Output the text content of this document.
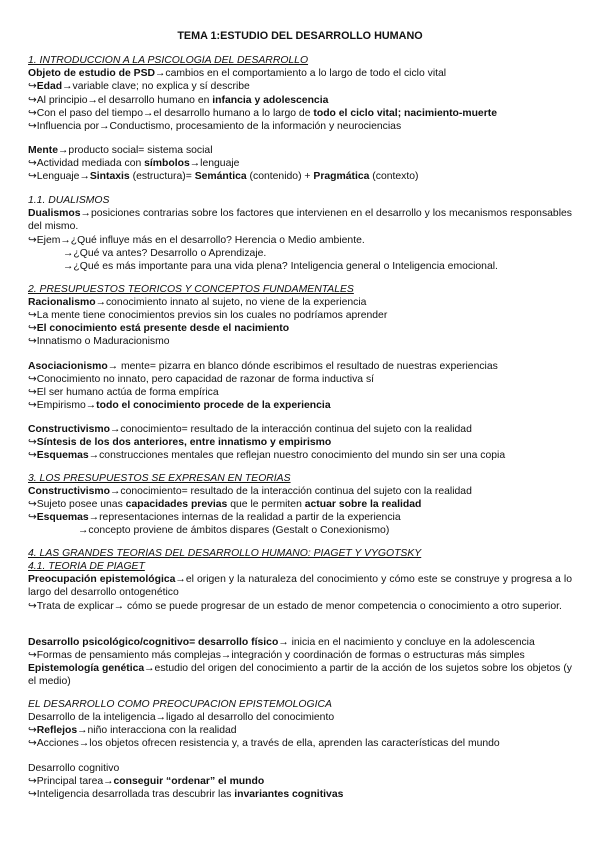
TEMA 1:ESTUDIO DEL DESARROLLO HUMANO
1. INTRODUCCIÓN A LA PSICOLOGÍA DEL DESARROLLO
Objeto de estudio de PSD→cambios en el comportamiento a lo largo de todo el ciclo vital
↪Edad→variable clave; no explica y sí describe
↪Al principio→el desarrollo humano en infancia y adolescencia
↪Con el paso del tiempo→el desarrollo humano a lo largo de todo el ciclo vital; nacimiento-muerte
↪Influencia por→Conductismo, procesamiento de la información y neurociencias
Mente→producto social= sistema social
↪Actividad mediada con símbolos→lenguaje
↪Lenguaje→Sintaxis (estructura)= Semántica (contenido) + Pragmática (contexto)
1.1. DUALISMOS
Dualismos→posiciones contrarias sobre los factores que intervienen en el desarrollo y los mecanismos responsables del mismo.
↪Ejem→¿Qué influye más en el desarrollo? Herencia o Medio ambiente.
→¿Qué va antes? Desarrollo o Aprendizaje.
→¿Qué es más importante para una vida plena? Inteligencia general o Inteligencia emocional.
2. PRESUPUESTOS TEÓRICOS Y CONCEPTOS FUNDAMENTALES
Racionalismo→conocimiento innato al sujeto, no viene de la experiencia
↪La mente tiene conocimientos previos sin los cuales no podríamos aprender
↪El conocimiento está presente desde el nacimiento
↪Innatismo o Maduracionismo
Asociacionismo→ mente= pizarra en blanco dónde escribimos el resultado de nuestras experiencias
↪Conocimiento no innato, pero capacidad de razonar de forma inductiva sí
↪El ser humano actúa de forma empírica
↪Empirismo→todo el conocimiento procede de la experiencia
Constructivismo→conocimiento= resultado de la interacción continua del sujeto con la realidad
↪Síntesis de los dos anteriores, entre innatismo y empirismo
↪Esquemas→construcciones mentales que reflejan nuestro conocimiento del mundo sin ser una copia
3. LOS PRESUPUESTOS SE EXPRESAN EN TEORÍAS
Constructivismo→conocimiento= resultado de la interacción continua del sujeto con la realidad
↪Sujeto posee unas capacidades previas que le permiten actuar sobre la realidad
↪Esquemas→representaciones internas de la realidad a partir de la experiencia
→concepto proviene de ámbitos dispares (Gestalt o Conexionismo)
4. LAS GRANDES TEORÍAS DEL DESARROLLO HUMANO: PIAGET Y VYGOTSKY
4.1. TEORÍA DE PIAGET
Preocupación epistemológica→el origen y la naturaleza del conocimiento y cómo este se construye y progresa a lo largo del desarrollo ontogenético
↪Trata de explicar→ cómo se puede progresar de un estado de menor competencia o conocimiento a otro superior.
Desarrollo psicológico/cognitivo= desarrollo físico→ inicia en el nacimiento y concluye en la adolescencia
↪Formas de pensamiento más complejas→integración y coordinación de formas o estructuras más simples
Epistemología genética→estudio del origen del conocimiento a partir de la acción de los sujetos sobre los objetos (y el medio)
EL DESARROLLO COMO PREOCUPACIÓN EPISTEMOLÓGICA
Desarrollo de la inteligencia→ligado al desarrollo del conocimiento
↪Reflejos→niño interacciona con la realidad
↪Acciones→los objetos ofrecen resistencia y, a través de ella, aprenden las características del mundo
Desarrollo cognitivo
↪Principal tarea→conseguir “ordenar” el mundo
↪Inteligencia desarrollada tras descubrir las invariantes cognitivas
